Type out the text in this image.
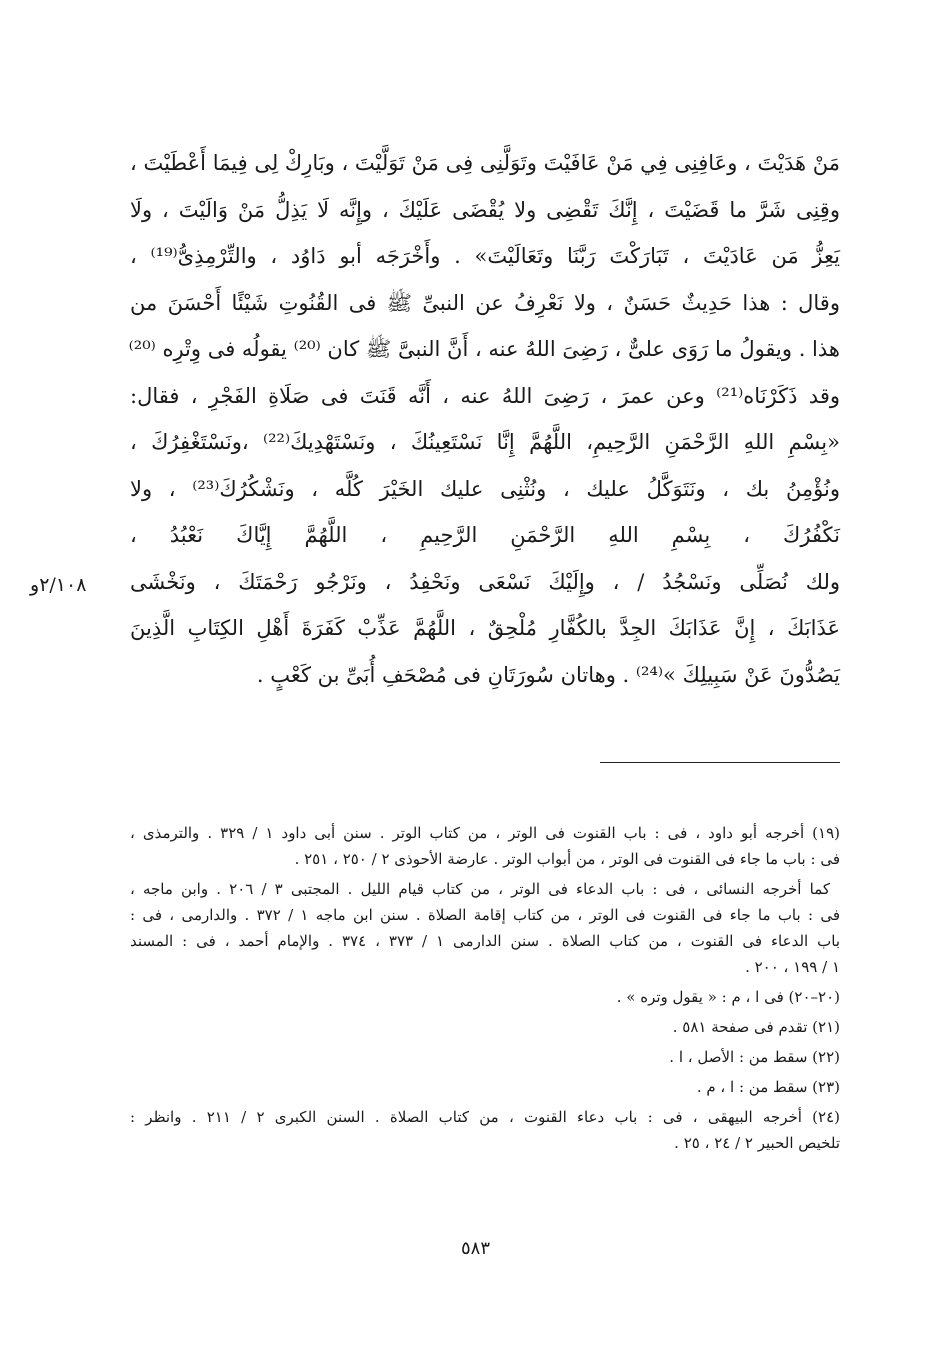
مَنْ هَدَيْتَ ، وعَافِنِى فِي مَنْ عَافَيْتَ وتَوَلَّنِى فِى مَنْ تَوَلَّيْتَ ، وبَارِكْ لِى فِيمَا أَعْطَيْتَ ،
وقِنِى شَرَّ ما قَضَيْتَ ، إِنَّكَ تَقْضِى ولا يُقْضَى عَلَيْكَ ، وإِنَّه لَا يَذِلُّ مَنْ وَالَيْتَ ، ولَا
يَعِزُّ مَن عَادَيْتَ ، تَبَارَكْتَ رَبَّنَا وتَعَالَيْتَ» . وأَخْرَجَه أبو دَاوُد ، والتِّرْمِذِىُّ⁽¹⁹⁾ ،
وقال : هذا حَدِيثٌ حَسَنٌ ، ولا نَعْرِفُ عن النبىِّ ﷺ فى القُنُوتِ شَيْئًا أَحْسَنَ من
هذا . ويقولُ ما رَوَى علىٌّ ، رَضِىَ اللهُ عنه ، أَنَّ النبىَّ ﷺ كان ⁽²⁰⁾ يقولُه فى وِتْرِه ⁽²⁰⁾
وقد ذَكَرْنَاه⁽²¹⁾ وعن عمرَ ، رَضِىَ اللهُ عنه ، أَنَّه قَنَتَ فى صَلَاةِ الفَجْرِ ، فقال:
«بِسْمِ اللهِ الرَّحْمَنِ الرَّحِيمِ، اللَّهُمَّ إِنَّا نَسْتَعِينُكَ ، ونَسْتَهْدِيكَ⁽²²⁾ ،ونَسْتَغْفِرُكَ ،
ونُؤْمِنُ بك ، ونَتَوَكَّلُ عليك ، ونُثْنِى عليك الخَيْرَ كُلَّه ، ونَشْكُرُكَ⁽²³⁾ ، ولا
نَكْفُرُكَ ، بِسْمِ اللهِ الرَّحْمَنِ الرَّحِيمِ ، اللَّهُمَّ إِيَّاكَ نَعْبُدُ ،
ولك نُصَلِّى ونَسْجُدُ / ، وإِلَيْكَ نَسْعَى ونَحْفِدُ ، ونَرْجُو رَحْمَتَكَ ، ونَخْشَى
عَذَابَكَ ، إِنَّ عَذَابَكَ الجِدَّ بالكُفَّارِ مُلْحِقٌ ، اللَّهُمَّ عَذِّبْ كَفَرَةَ أَهْلِ الكِتَابِ الَّذِينَ
يَصُدُّونَ عَنْ سَبِيلِكَ »⁽²⁴⁾ . وهاتان سُورَتَانِ فى مُصْحَفِ أُبَىِّ بن كَعْبٍ .
٢/١٠٨و
(١٩) أخرجه أبو داود ، فى : باب القنوت فى الوتر ، من كتاب الوتر . سنن أبى داود ١ / ٣٢٩ . والترمذى ،
فى : باب ما جاء فى القنوت فى الوتر ، من أبواب الوتر . عارضة الأحوذى ٢ / ٢٥٠ ، ٢٥١ .
كما أخرجه النسائى ، فى : باب الدعاء فى الوتر ، من كتاب قيام الليل . المجتبى ٣ / ٢٠٦ . وابن ماجه ،
فى : باب ما جاء فى القنوت فى الوتر ، من كتاب إقامة الصلاة . سنن ابن ماجه ١ / ٣٧٢ . والدارمى ، فى :
باب الدعاء فى القنوت ، من كتاب الصلاة . سنن الدارمى ١ / ٣٧٣ ، ٣٧٤ . والإمام أحمد ، فى : المسند
١ / ١٩٩ ، ٢٠٠ .
(٢٠–٢٠) فى ا ، م : « يقول وتره » .
(٢١) تقدم فى صفحة ٥٨١ .
(٢٢) سقط من : الأصل ، ا .
(٢٣) سقط من : ا ، م .
(٢٤) أخرجه البيهقى ، فى : باب دعاء القنوت ، من كتاب الصلاة . السنن الكبرى ٢ / ٢١١ . وانظر :
تلخيص الحبير ٢ / ٢٤ ، ٢٥ .
٥٨٣
